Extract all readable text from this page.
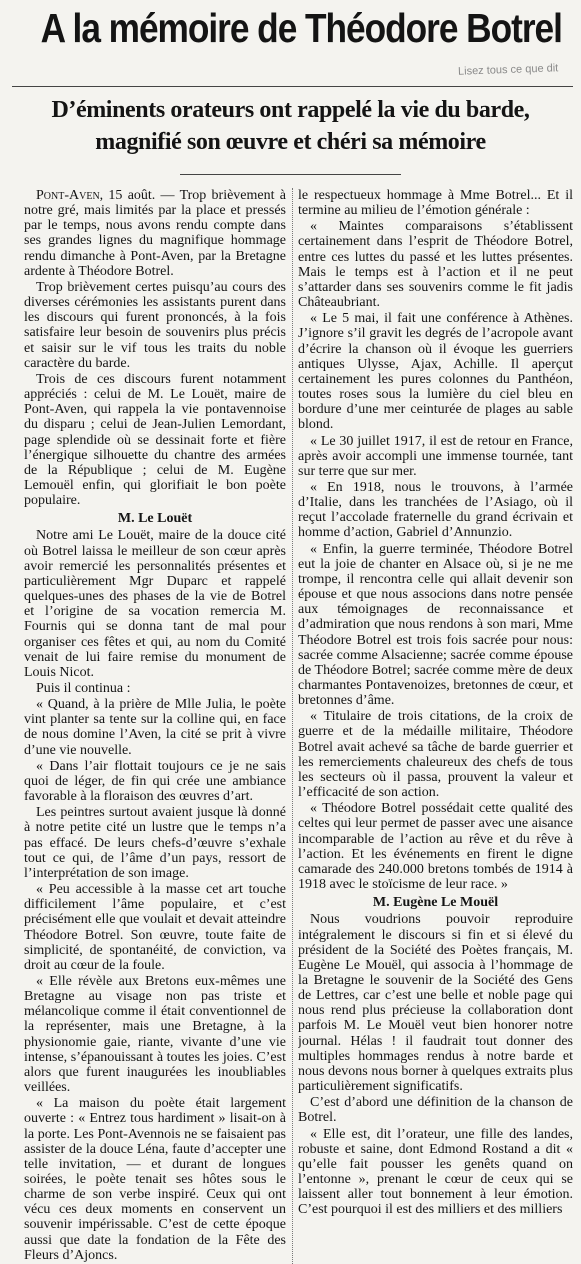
Lisez tous ce que dit
A la mémoire de Théodore Botrel
D’éminents orateurs ont rappelé la vie du barde,
magnifié son œuvre et chéri sa mémoire

Pont-Aven, 15 août. — Trop brièvement à notre gré, mais limités par la place et pressés par le temps, nous avons rendu compte dans ses grandes lignes du magnifique hommage rendu dimanche à Pont-Aven, par la Bretagne ardente à Théodore Botrel.

Trop brièvement certes puisqu’au cours des diverses cérémonies les assistants purent dans les discours qui furent prononcés, à la fois satisfaire leur besoin de souvenirs plus précis et saisir sur le vif tous les traits du noble caractère du barde.

Trois de ces discours furent notamment appréciés : celui de M. Le Louët, maire de Pont-Aven, qui rappela la vie pontavennoise du disparu ; celui de Jean-Julien Lemordant, page splendide où se dessinait forte et fière l’énergique silhouette du chantre des armées de la République ; celui de M. Eugène Lemouël enfin, qui glorifiait le bon poète populaire.

M. Le Louët

Notre ami Le Louët, maire de la douce cité où Botrel laissa le meilleur de son cœur après avoir remercié les personnalités présentes et particulièrement Mgr Duparc et rappelé quelques-unes des phases de la vie de Botrel et l’origine de sa vocation remercia M. Fournis qui se donna tant de mal pour organiser ces fêtes et qui, au nom du Comité venait de lui faire remise du monument de Louis Nicot.

Puis il continua :

« Quand, à la prière de Mlle Julia, le poète vint planter sa tente sur la colline qui, en face de nous domine l’Aven, la cité se prit à vivre d’une vie nouvelle.

« Dans l’air flottait toujours ce je ne sais quoi de léger, de fin qui crée une ambiance favorable à la floraison des œuvres d’art.

Les peintres surtout avaient jusque là donné à notre petite cité un lustre que le temps n’a pas effacé. De leurs chefs-d’œuvre s’exhale tout ce qui, de l’âme d’un pays, ressort de l’interprétation de son image.

« Peu accessible à la masse cet art touche difficilement l’âme populaire, et c’est précisément elle que voulait et devait atteindre Théodore Botrel. Son œuvre, toute faite de simplicité, de spontanéité, de conviction, va droit au cœur de la foule.

« Elle révèle aux Bretons eux-mêmes une Bretagne au visage non pas triste et mélancolique comme il était conventionnel de la représenter, mais une Bretagne, à la physionomie gaie, riante, vivante d’une vie intense, s’épanouissant à toutes les joies. C’est alors que furent inaugurées les inoubliables veillées.

« La maison du poète était largement ouverte : « Entrez tous hardiment » lisait-on à la porte. Les Pont-Avennois ne se faisaient pas assister de la douce Léna, faute d’accepter une telle invitation, — et durant de longues soirées, le poète tenait ses hôtes sous le charme de son verbe inspiré. Ceux qui ont vécu ces deux moments en conservent un souvenir impérissable. C’est de cette époque aussi que date la fondation de la Fête des Fleurs d’Ajoncs.

le respectueux hommage à Mme Botrel... Et il termine au milieu de l’émotion générale :

« Maintes comparaisons s’établissent certainement dans l’esprit de Théodore Botrel, entre ces luttes du passé et les luttes présentes. Mais le temps est à l’action et il ne peut s’attarder dans ses souvenirs comme le fit jadis Châteaubriant.

« Le 5 mai, il fait une conférence à Athènes. J’ignore s’il gravit les degrés de l’acropole avant d’écrire la chanson où il évoque les guerriers antiques Ulysse, Ajax, Achille. Il aperçut certainement les pures colonnes du Panthéon, toutes roses sous la lumière du ciel bleu en bordure d’une mer ceinturée de plages au sable blond.

« Le 30 juillet 1917, il est de retour en France, après avoir accompli une immense tournée, tant sur terre que sur mer.

« En 1918, nous le trouvons, à l’armée d’Italie, dans les tranchées de l’Asiago, où il reçut l’accolade fraternelle du grand écrivain et homme d’action, Gabriel d’Annunzio.

« Enfin, la guerre terminée, Théodore Botrel eut la joie de chanter en Alsace où, si je ne me trompe, il rencontra celle qui allait devenir son épouse et que nous associons dans notre pensée aux témoignages de reconnaissance et d’admiration que nous rendons à son mari, Mme Théodore Botrel est trois fois sacrée pour nous: sacrée comme Alsacienne; sacrée comme épouse de Théodore Botrel; sacrée comme mère de deux charmantes Pontavenoizes, bretonnes de cœur, et bretonnes d’âme.

« Titulaire de trois citations, de la croix de guerre et de la médaille militaire, Théodore Botrel avait achevé sa tâche de barde guerrier et les remerciements chaleureux des chefs de tous les secteurs où il passa, prouvent la valeur et l’efficacité de son action.

« Théodore Botrel possédait cette qualité des celtes qui leur permet de passer avec une aisance incomparable de l’action au rêve et du rêve à l’action. Et les événements en firent le digne camarade des 240.000 bretons tombés de 1914 à 1918 avec le stoïcisme de leur race. »

M. Eugène Le Mouël

Nous voudrions pouvoir reproduire intégralement le discours si fin et si élevé du président de la Société des Poètes français, M. Eugène Le Mouël, qui associa à l’hommage de la Bretagne le souvenir de la Société des Gens de Lettres, car c’est une belle et noble page qui nous rend plus précieuse la collaboration dont parfois M. Le Mouël veut bien honorer notre journal. Hélas ! il faudrait tout donner des multiples hommages rendus à notre barde et nous devons nous borner à quelques extraits plus particulièrement significatifs.

C’est d’abord une définition de la chanson de Botrel.

« Elle est, dit l’orateur, une fille des landes, robuste et saine, dont Edmond Rostand a dit « qu’elle fait pousser les genêts quand on l’entonne », prenant le cœur de ceux qui se laissent aller tout bonnement à leur émotion. C’est pourquoi il est des milliers et des milliers
